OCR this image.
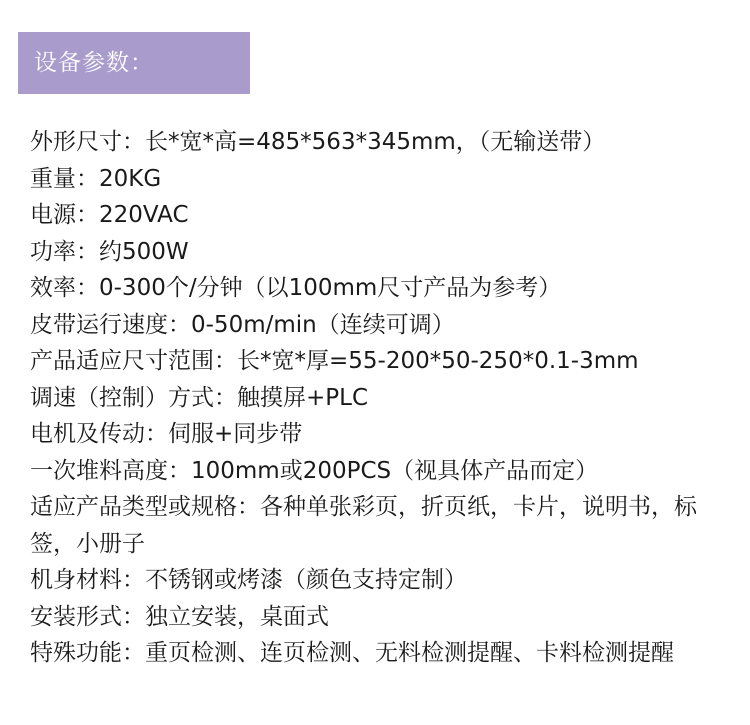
设备参数：
外形尺寸：长*宽*高=485*563*345mm，（无输送带）
重量：20KG
电源：220VAC
功率：约500W
效率：0-300个/分钟（以100mm尺寸产品为参考）
皮带运行速度：0-50m/min（连续可调）
产品适应尺寸范围：长*宽*厚=55-200*50-250*0.1-3mm
调速（控制）方式：触摸屏+PLC
电机及传动：伺服+同步带
一次堆料高度：100mm或200PCS（视具体产品而定）
适应产品类型或规格：各种单张彩页，折页纸，卡片，说明书，标签，小册子
机身材料：不锈钢或烤漆（颜色支持定制）
安装形式：独立安装，桌面式
特殊功能：重页检测、连页检测、无料检测提醒、卡料检测提醒
